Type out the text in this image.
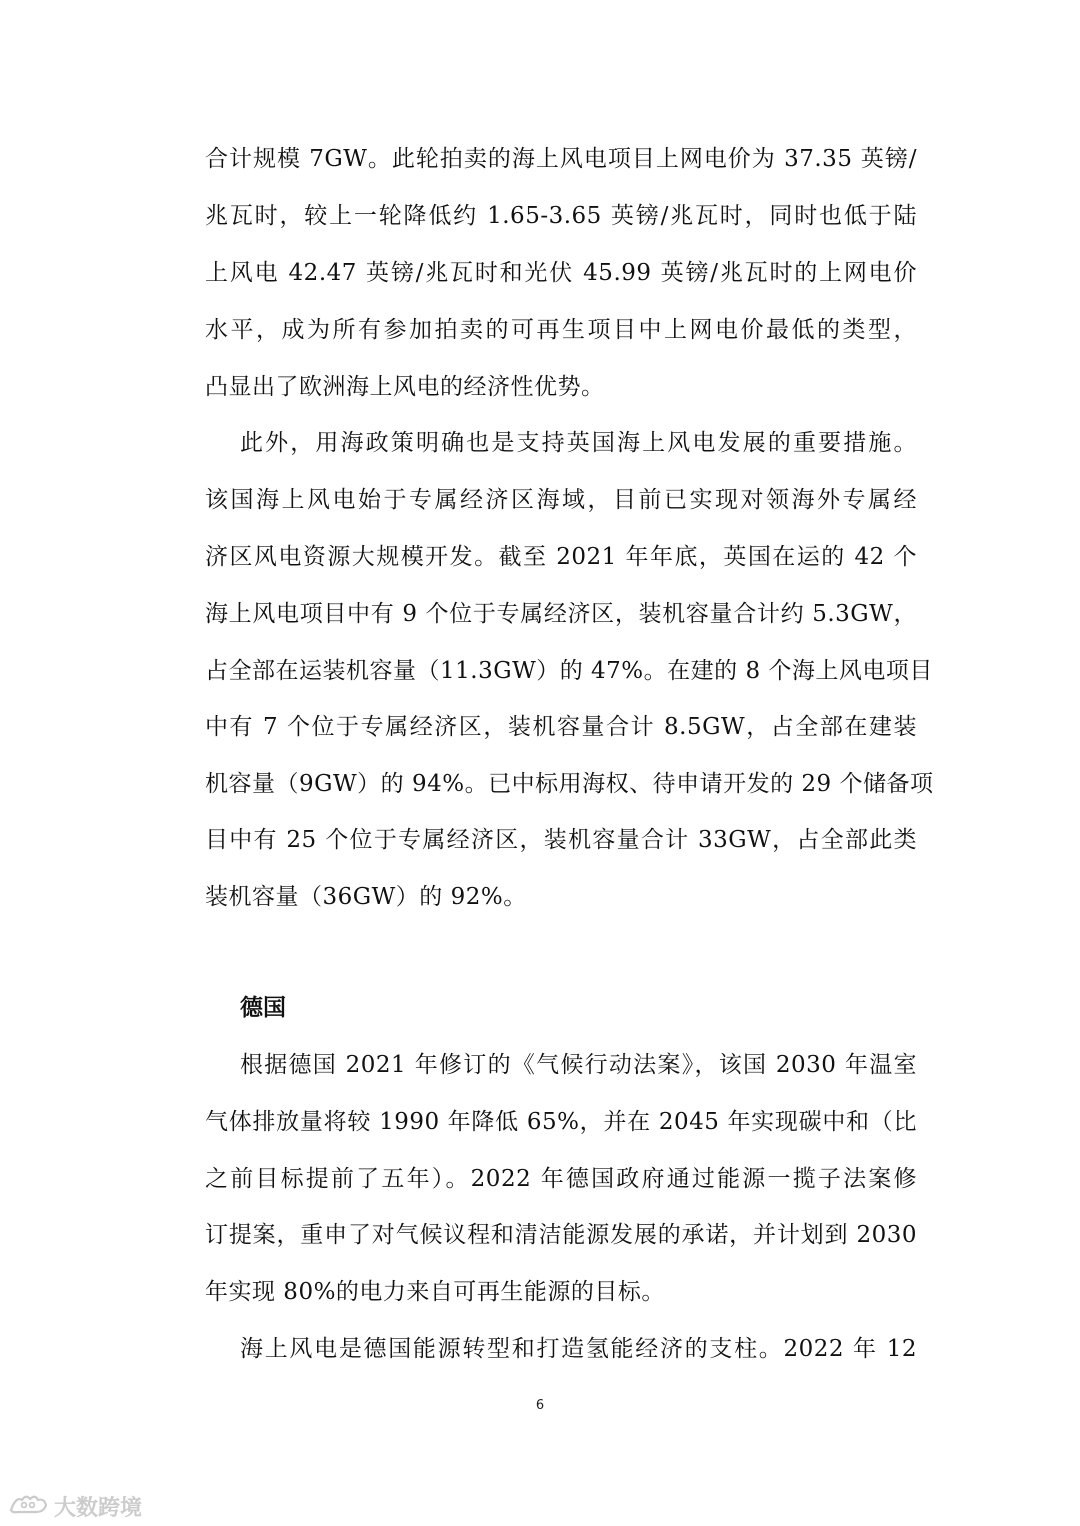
合计规模 7GW。此轮拍卖的海上风电项目上网电价为 37.35 英镑/
兆瓦时，较上一轮降低约 1.65-3.65 英镑/兆瓦时，同时也低于陆
上风电 42.47 英镑/兆瓦时和光伏 45.99 英镑/兆瓦时的上网电价
水平，成为所有参加拍卖的可再生项目中上网电价最低的类型，
凸显出了欧洲海上风电的经济性优势。
此外，用海政策明确也是支持英国海上风电发展的重要措施。
该国海上风电始于专属经济区海域，目前已实现对领海外专属经
济区风电资源大规模开发。截至 2021 年年底，英国在运的 42 个
海上风电项目中有 9 个位于专属经济区，装机容量合计约 5.3GW，
占全部在运装机容量（11.3GW）的 47%。在建的 8 个海上风电项目
中有 7 个位于专属经济区，装机容量合计 8.5GW，占全部在建装
机容量（9GW）的 94%。已中标用海权、待申请开发的 29 个储备项
目中有 25 个位于专属经济区，装机容量合计 33GW，占全部此类
装机容量（36GW）的 92%。
德国
根据德国 2021 年修订的《气候行动法案》，该国 2030 年温室
气体排放量将较 1990 年降低 65%，并在 2045 年实现碳中和（比
之前目标提前了五年）。2022 年德国政府通过能源一揽子法案修
订提案，重申了对气候议程和清洁能源发展的承诺，并计划到 2030
年实现 80%的电力来自可再生能源的目标。
海上风电是德国能源转型和打造氢能经济的支柱。2022 年 12
6
大数跨境
